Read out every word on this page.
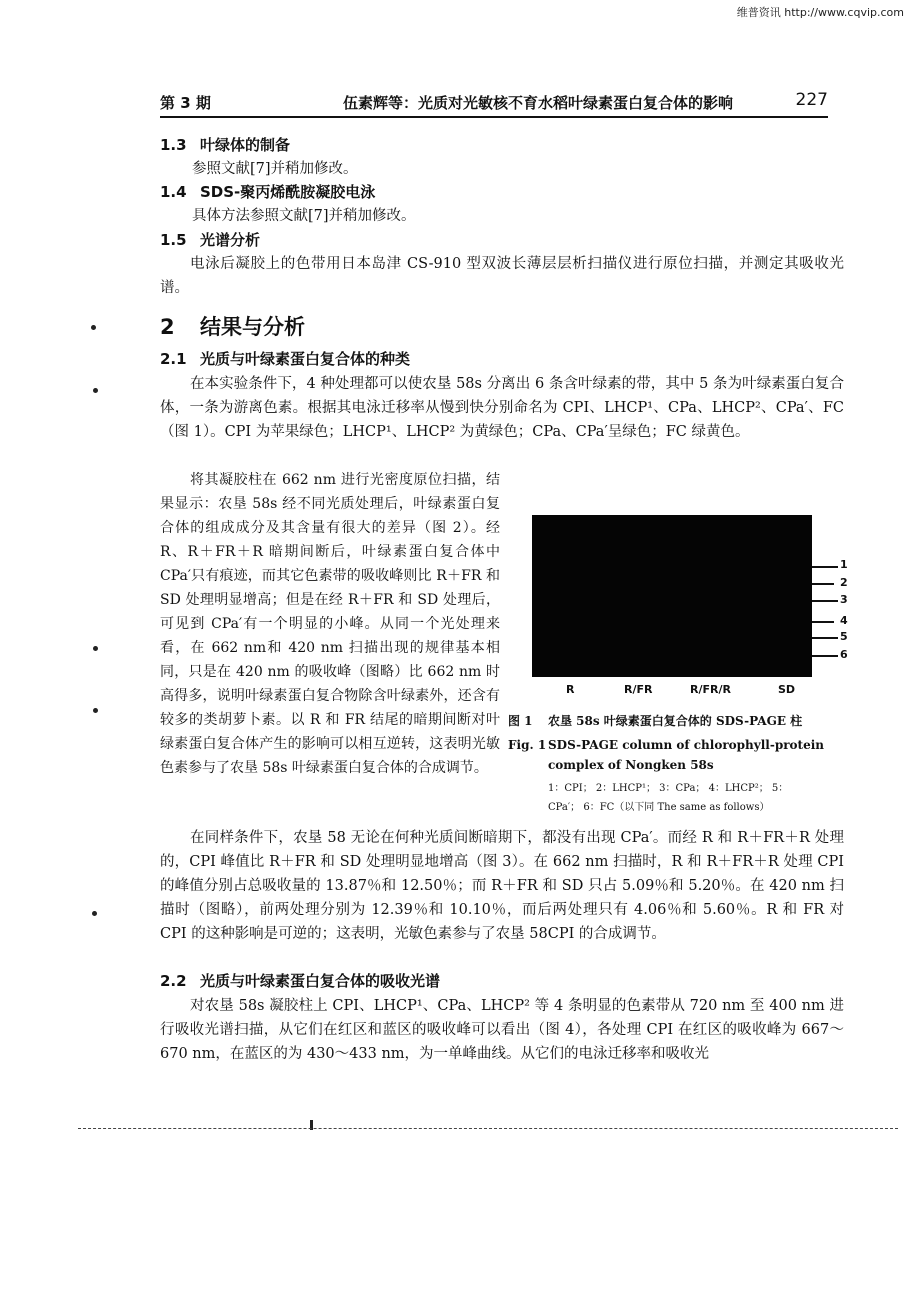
维普资讯 http://www.cqvip.com
第 3 期	伍素辉等：光质对光敏核不育水稻叶绿素蛋白复合体的影响	227
1.3 叶绿体的制备
参照文献[7]并稍加修改。
1.4 SDS-聚丙烯酰胺凝胶电泳
具体方法参照文献[7]并稍加修改。
1.5 光谱分析
电泳后凝胶上的色带用日本岛津 CS-910 型双波长薄层层析扫描仪进行原位扫描，并测定其吸收光谱。
2 结果与分析
2.1 光质与叶绿素蛋白复合体的种类
在本实验条件下，4 种处理都可以使农垦 58s 分离出 6 条含叶绿素的带，其中 5 条为叶绿素蛋白复合体，一条为游离色素。根据其电泳迁移率从慢到快分别命名为 CPI、LHCP¹、CPa、LHCP²、CPa′、FC（图 1）。CPI 为苹果绿色；LHCP¹、LHCP² 为黄绿色；CPa、CPa′呈绿色；FC 绿黄色。
将其凝胶柱在 662 nm 进行光密度原位扫描，结果显示：农垦 58s 经不同光质处理后，叶绿素蛋白复合体的组成成分及其含量有很大的差异（图 2）。经 R、R＋FR＋R 暗期间断后，叶绿素蛋白复合体中 CPa′只有痕迹，而其它色素带的吸收峰则比 R＋FR 和 SD 处理明显增高；但是在经 R＋FR 和 SD 处理后，可见到 CPa′有一个明显的小峰。从同一个光处理来看，在 662 nm和 420 nm 扫描出现的规律基本相同，只是在 420 nm 的吸收峰（图略）比 662 nm 时高得多，说明叶绿素蛋白复合物除含叶绿素外，还含有较多的类胡萝卜素。以 R 和 FR 结尾的暗期间断对叶绿素蛋白复合体产生的影响可以相互逆转，这表明光敏色素参与了农垦 58s 叶绿素蛋白复合体的合成调节。
1
2
3
4
5
6
R	R/FR	R/FR/R	SD
图 1 农垦 58s 叶绿素蛋白复合体的 SDS-PAGE 柱
Fig. 1 SDS-PAGE column of chlorophyll-protein
complex of Nongken 58s
1：CPI； 2：LHCP¹； 3：CPa； 4：LHCP²； 5：
CPa′； 6：FC（以下同 The same as follows）
在同样条件下，农垦 58 无论在何种光质间断暗期下，都没有出现 CPa′。而经 R 和 R＋FR＋R 处理的，CPI 峰值比 R＋FR 和 SD 处理明显地增高（图 3）。在 662 nm 扫描时，R 和 R＋FR＋R 处理 CPI 的峰值分别占总吸收量的 13.87％和 12.50％；而 R＋FR 和 SD 只占 5.09％和 5.20％。在 420 nm 扫描时（图略），前两处理分别为 12.39％和 10.10％，而后两处理只有 4.06％和 5.60％。R 和 FR 对 CPI 的这种影响是可逆的；这表明，光敏色素参与了农垦 58CPI 的合成调节。
2.2 光质与叶绿素蛋白复合体的吸收光谱
对农垦 58s 凝胶柱上 CPI、LHCP¹、CPa、LHCP² 等 4 条明显的色素带从 720 nm 至 400 nm 进行吸收光谱扫描，从它们在红区和蓝区的吸收峰可以看出（图 4），各处理 CPI 在红区的吸收峰为 667～670 nm，在蓝区的为 430～433 nm，为一单峰曲线。从它们的电泳迁移率和吸收光
